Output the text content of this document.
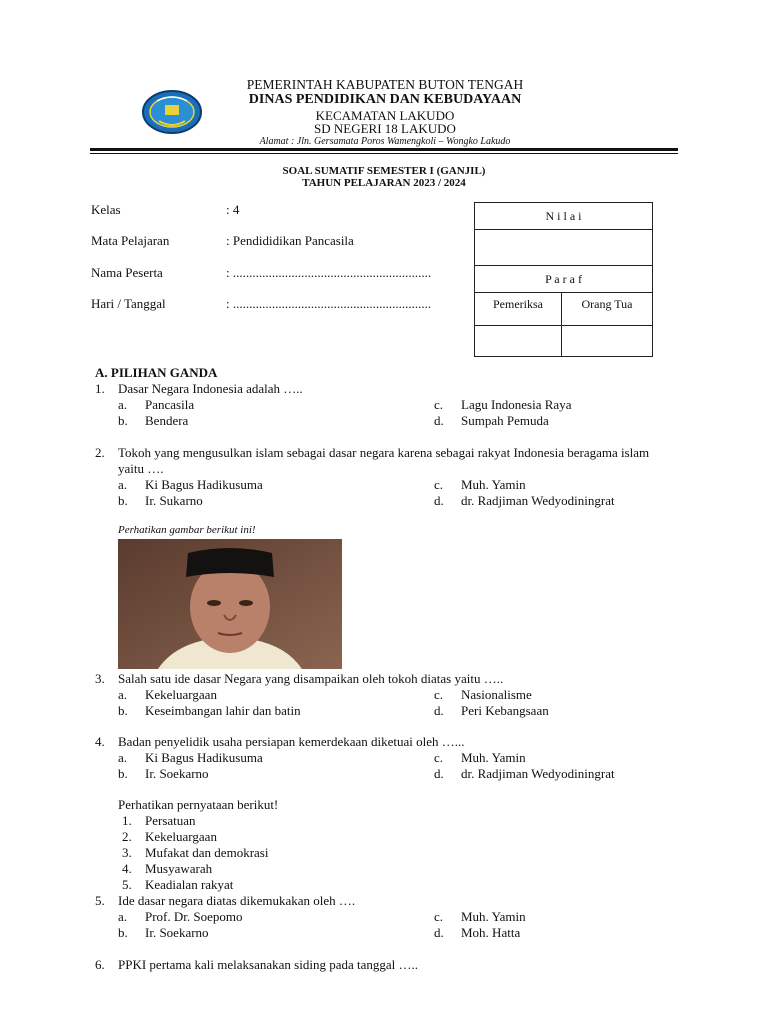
PEMERINTAH KABUPATEN BUTON TENGAH
DINAS PENDIDIKAN DAN KEBUDAYAAN
KECAMATAN LAKUDO
SD NEGERI 18 LAKUDO
Alamat : Jln. Gersamata Poros Wamengkoli – Wongko Lakudo
SOAL SUMATIF SEMESTER I (GANJIL)
TAHUN PELAJARAN 2023 / 2024
Kelas	: 4
Mata Pelajaran	: Pendididikan Pancasila
Nama Peserta	: .............................................................
Hari / Tanggal	: .............................................................
N i l a i	

P a r a f	
Pemeriksa	Orang Tua

A. PILIHAN GANDA
1. Dasar Negara Indonesia adalah …..
a. Pancasila	c. Lagu Indonesia Raya
b. Bendera	d. Sumpah Pemuda
2. Tokoh yang mengusulkan islam sebagai dasar negara karena sebagai rakyat Indonesia beragama islam yaitu ….
a. Ki Bagus Hadikusuma	c. Muh. Yamin
b. Ir. Sukarno	d. dr. Radjiman Wedyodiningrat
Perhatikan gambar berikut ini!
3. Salah satu ide dasar Negara yang disampaikan oleh tokoh diatas yaitu …..
a. Kekeluargaan	c. Nasionalisme
b. Keseimbangan lahir dan batin	d. Peri Kebangsaan
4. Badan penyelidik usaha persiapan kemerdekaan diketuai oleh …...
a. Ki Bagus Hadikusuma	c. Muh. Yamin
b. Ir. Soekarno	d. dr. Radjiman Wedyodiningrat
Perhatikan pernyataan berikut!
1. Persatuan
2. Kekeluargaan
3. Mufakat dan demokrasi
4. Musyawarah
5. Keadialan rakyat
5. Ide dasar negara diatas dikemukakan oleh ….
a. Prof. Dr. Soepomo	c. Muh. Yamin
b. Ir. Soekarno	d. Moh. Hatta
6. PPKI pertama kali melaksanakan siding pada tanggal …..
